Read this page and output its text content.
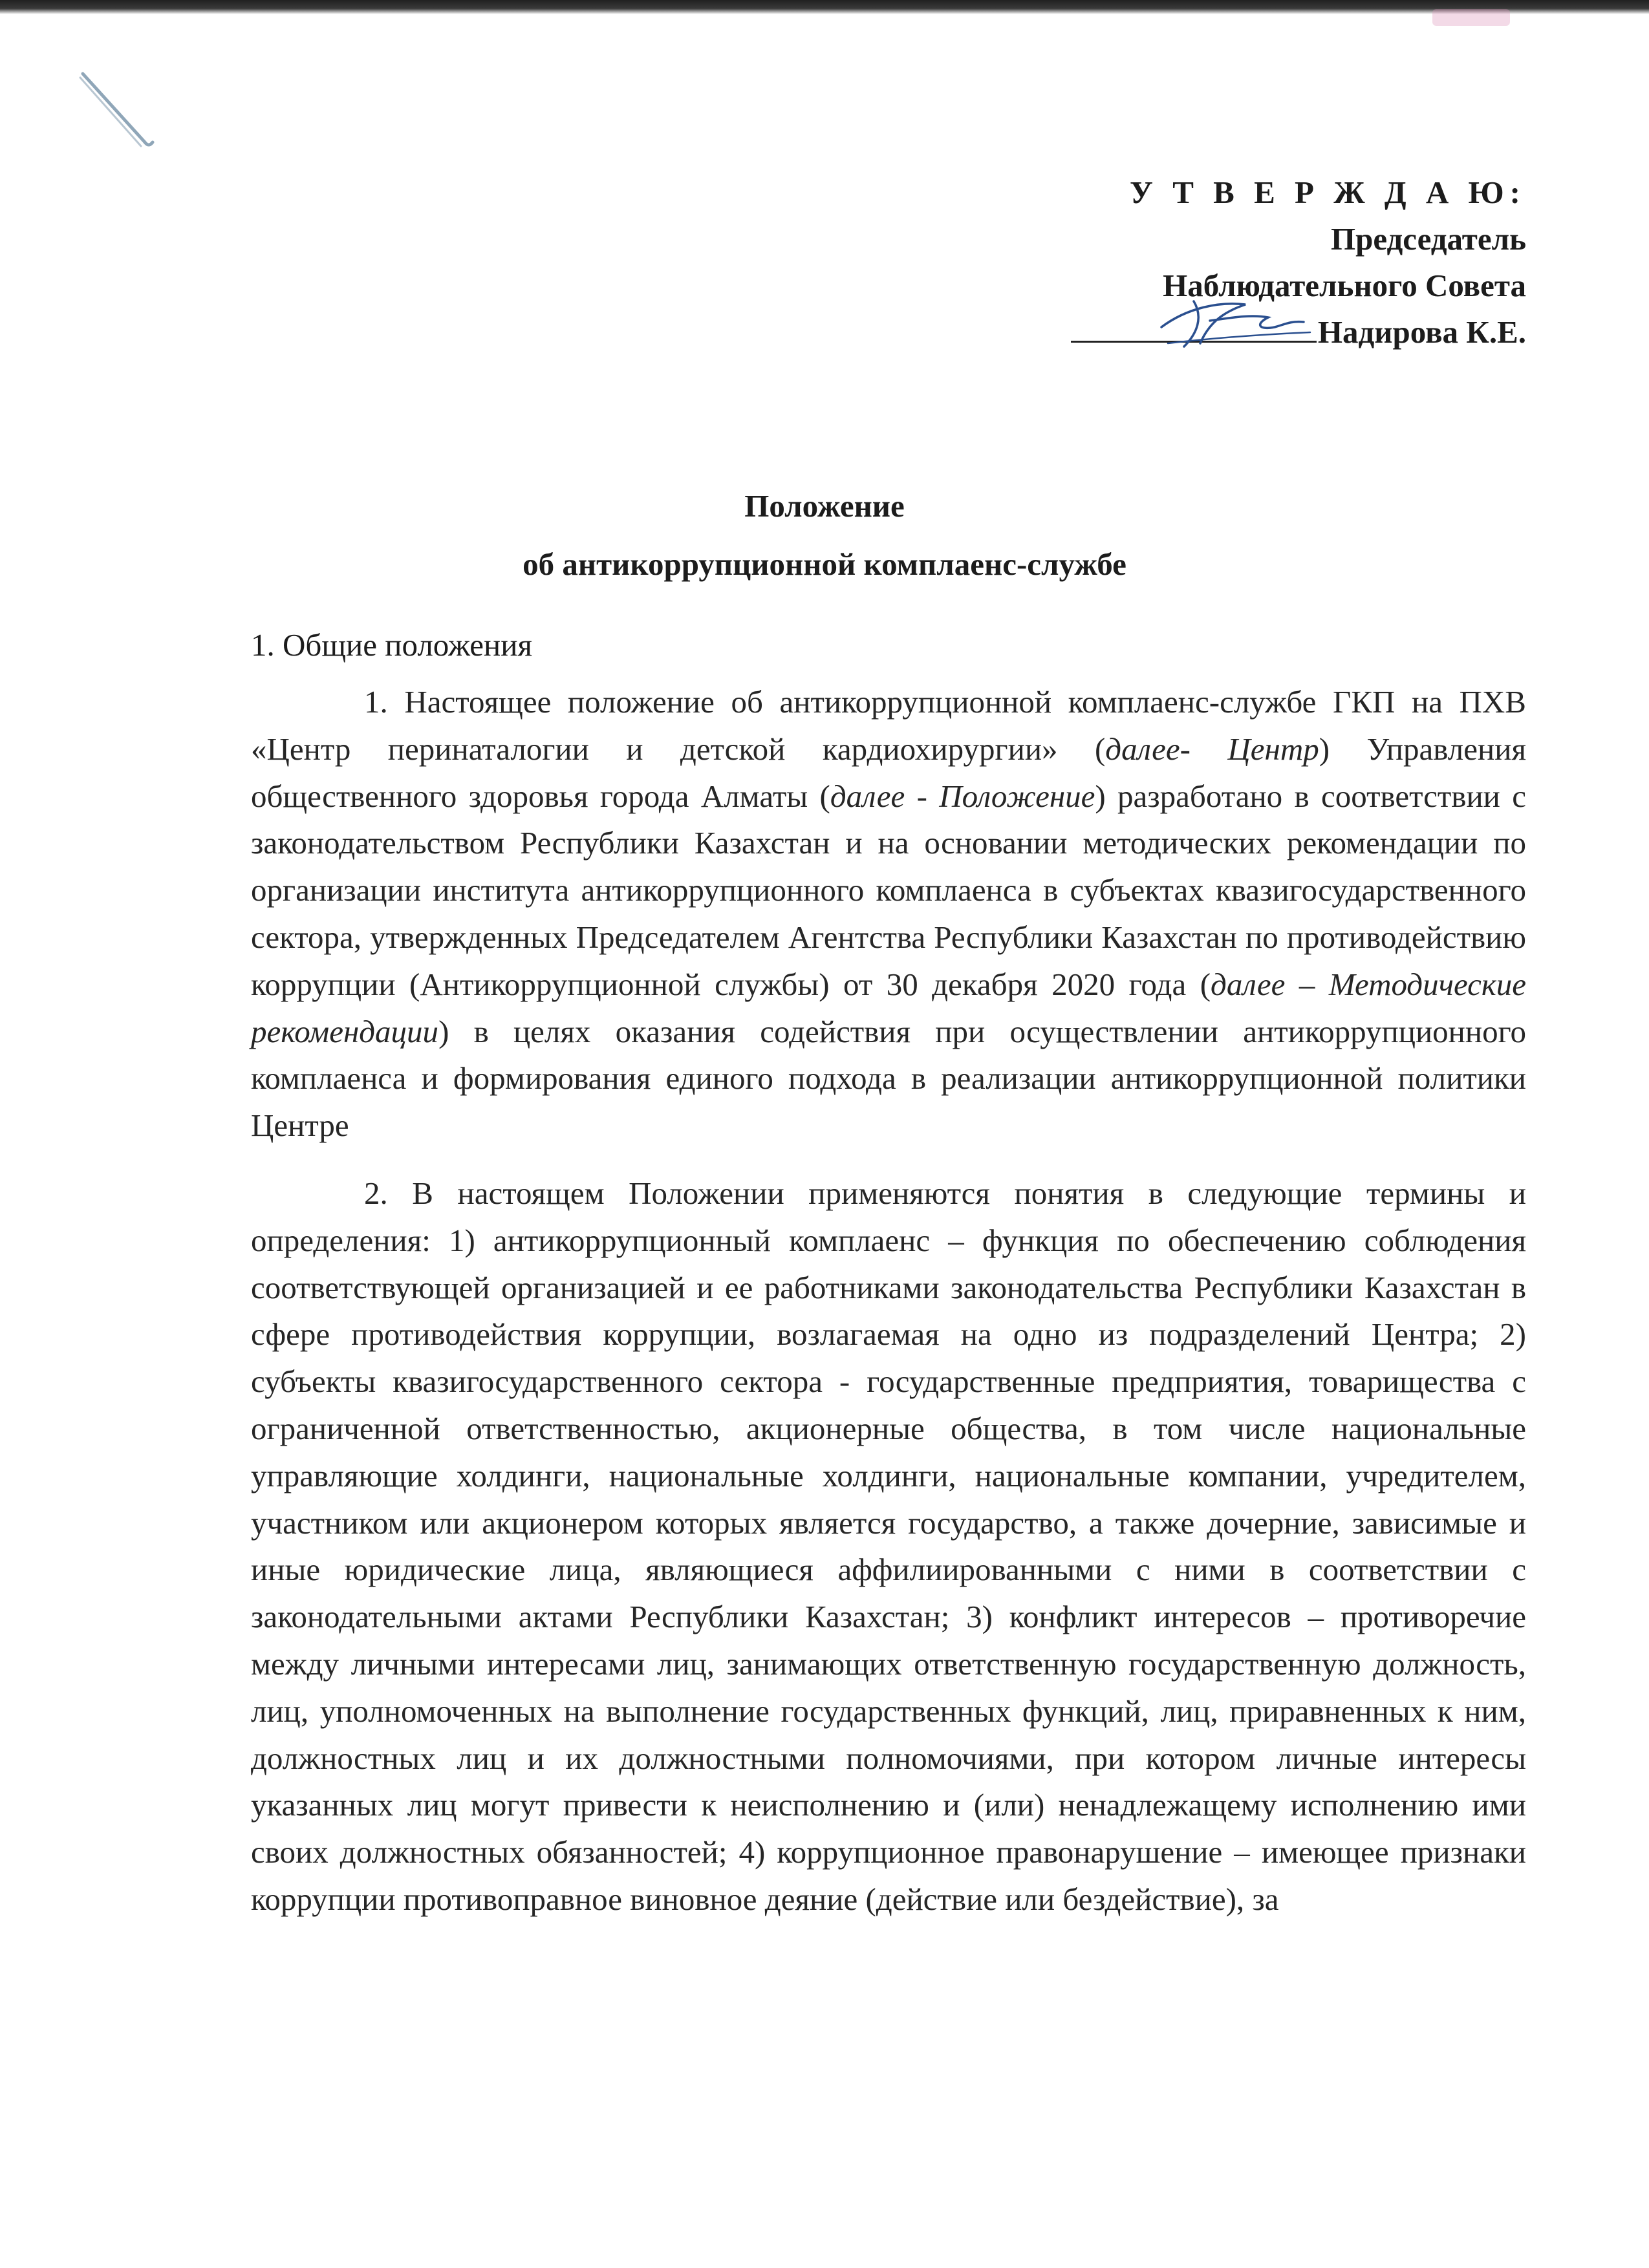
У Т В Е Р Ж Д А Ю:
Председатель
Наблюдательного Совета
Надирова К.Е.
Положение
об антикоррупционной комплаенс-службе
1. Общие положения

1. Настоящее положение об антикоррупционной комплаенс-службе ГКП на ПХВ «Центр перинаталогии и детской кардиохирургии» (далее- Центр) Управления общественного здоровья города Алматы (далее - Положение) разработано в соответствии с законодательством Республики Казахстан и на основании методических рекомендации по организации института антикоррупционного комплаенса в субъектах квазигосударственного сектора, утвержденных Председателем Агентства Республики Казахстан по противодействию коррупции (Антикоррупционной службы) от 30 декабря 2020 года (далее – Методические рекомендации) в целях оказания содействия при осуществлении антикоррупционного комплаенса и формирования единого подхода в реализации антикоррупционной политики Центре

2. В настоящем Положении применяются понятия в следующие термины и определения: 1) антикоррупционный комплаенс – функция по обеспечению соблюдения соответствующей организацией и ее работниками законодательства Республики Казахстан в сфере противодействия коррупции, возлагаемая на одно из подразделений Центра; 2) субъекты квазигосударственного сектора - государственные предприятия, товарищества с ограниченной ответственностью, акционерные общества, в том числе национальные управляющие холдинги, национальные холдинги, национальные компании, учредителем, участником или акционером которых является государство, а также дочерние, зависимые и иные юридические лица, являющиеся аффилиированными с ними в соответствии с законодательными актами Республики Казахстан; 3) конфликт интересов – противоречие между личными интересами лиц, занимающих ответственную государственную должность, лиц, уполномоченных на выполнение государственных функций, лиц, приравненных к ним, должностных лиц и их должностными полномочиями, при котором личные интересы указанных лиц могут привести к неисполнению и (или) ненадлежащему исполнению ими своих должностных обязанностей; 4) коррупционное правонарушение – имеющее признаки коррупции противоправное виновное деяние (действие или бездействие), за
